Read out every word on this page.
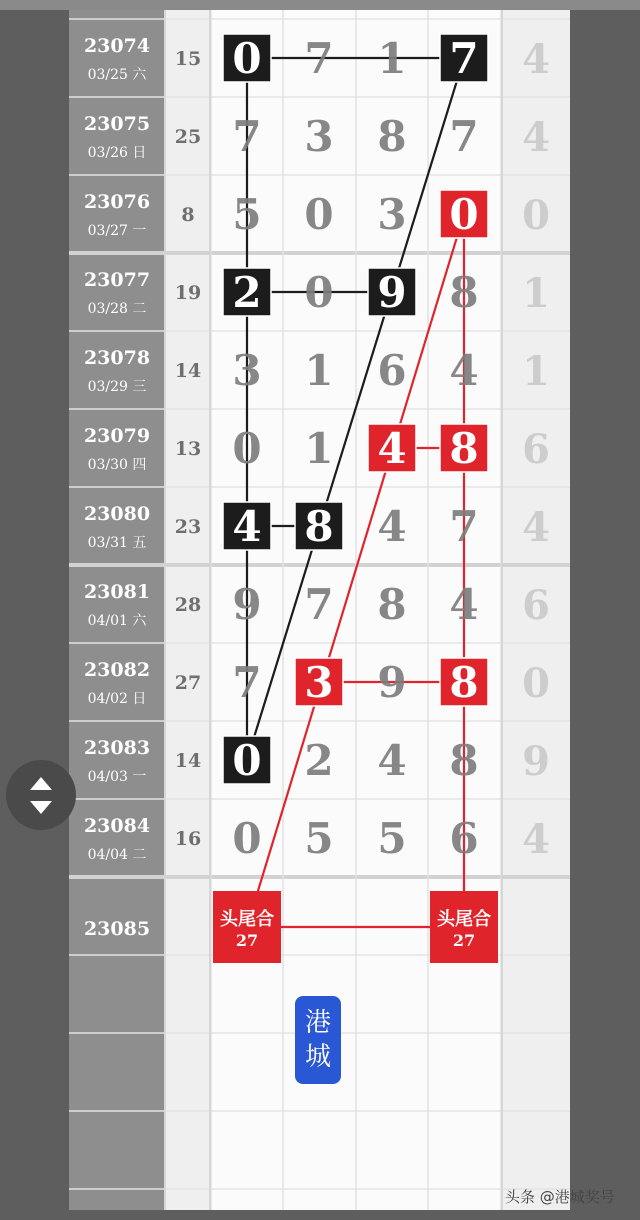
23074
03/25 六
15 0 7 1 7 4
23075
03/26 日
25 7 3 8 7 4
23076
03/27 一
8 5 0 3 0 0
23077
03/28 二
19 2 0 9 8 1
23078
03/29 三
14 3 1 6 4 1
23079
03/30 四
13 0 1 4 8 6
23080
03/31 五
23 4 8 4 7 4
23081
04/01 六
28 9 7 8 4 6
23082
04/02 日
27 7 3 9 8 0
23083
04/03 一
14 0 2 4 8 9
23084
04/04 二
16 0 5 5 6 4
23085	头尾合
27
头尾合
27
港
城
头条 @港城奖号
